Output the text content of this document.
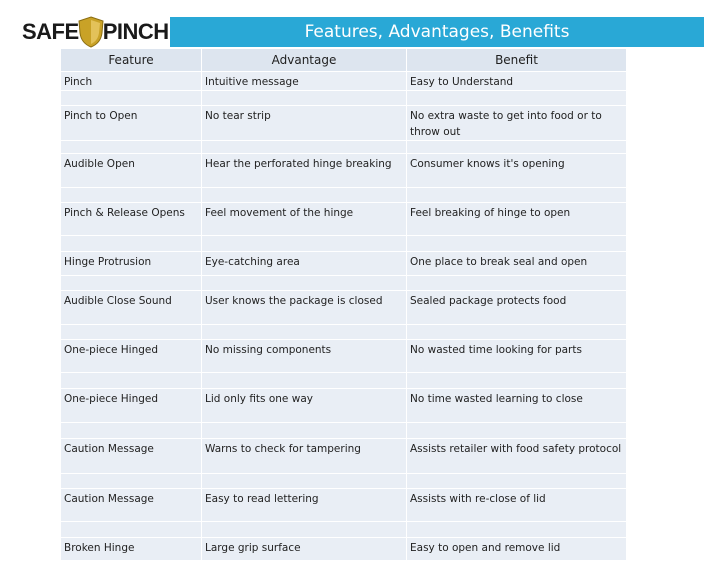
SAFE PINCH	Features, Advantages, Benefits
Feature	Advantage	Benefit
Pinch	Intuitive message	Easy to Understand

Pinch to Open	No tear strip	No extra waste to get into food or to throw out

Audible Open	Hear the perforated hinge breaking	Consumer knows it's opening

Pinch & Release Opens	Feel movement of the hinge	Feel breaking of hinge to open

Hinge Protrusion	Eye-catching area	One place to break seal and open

Audible Close Sound	User knows the package is closed	Sealed package protects food

One-piece Hinged	No missing components	No wasted time looking for parts

One-piece Hinged	Lid only fits one way	No time wasted learning to close

Caution Message	Warns to check for tampering	Assists retailer with food safety protocol

Caution Message	Easy to read lettering	Assists with re-close of lid

Broken Hinge	Large grip surface	Easy to open and remove lid
